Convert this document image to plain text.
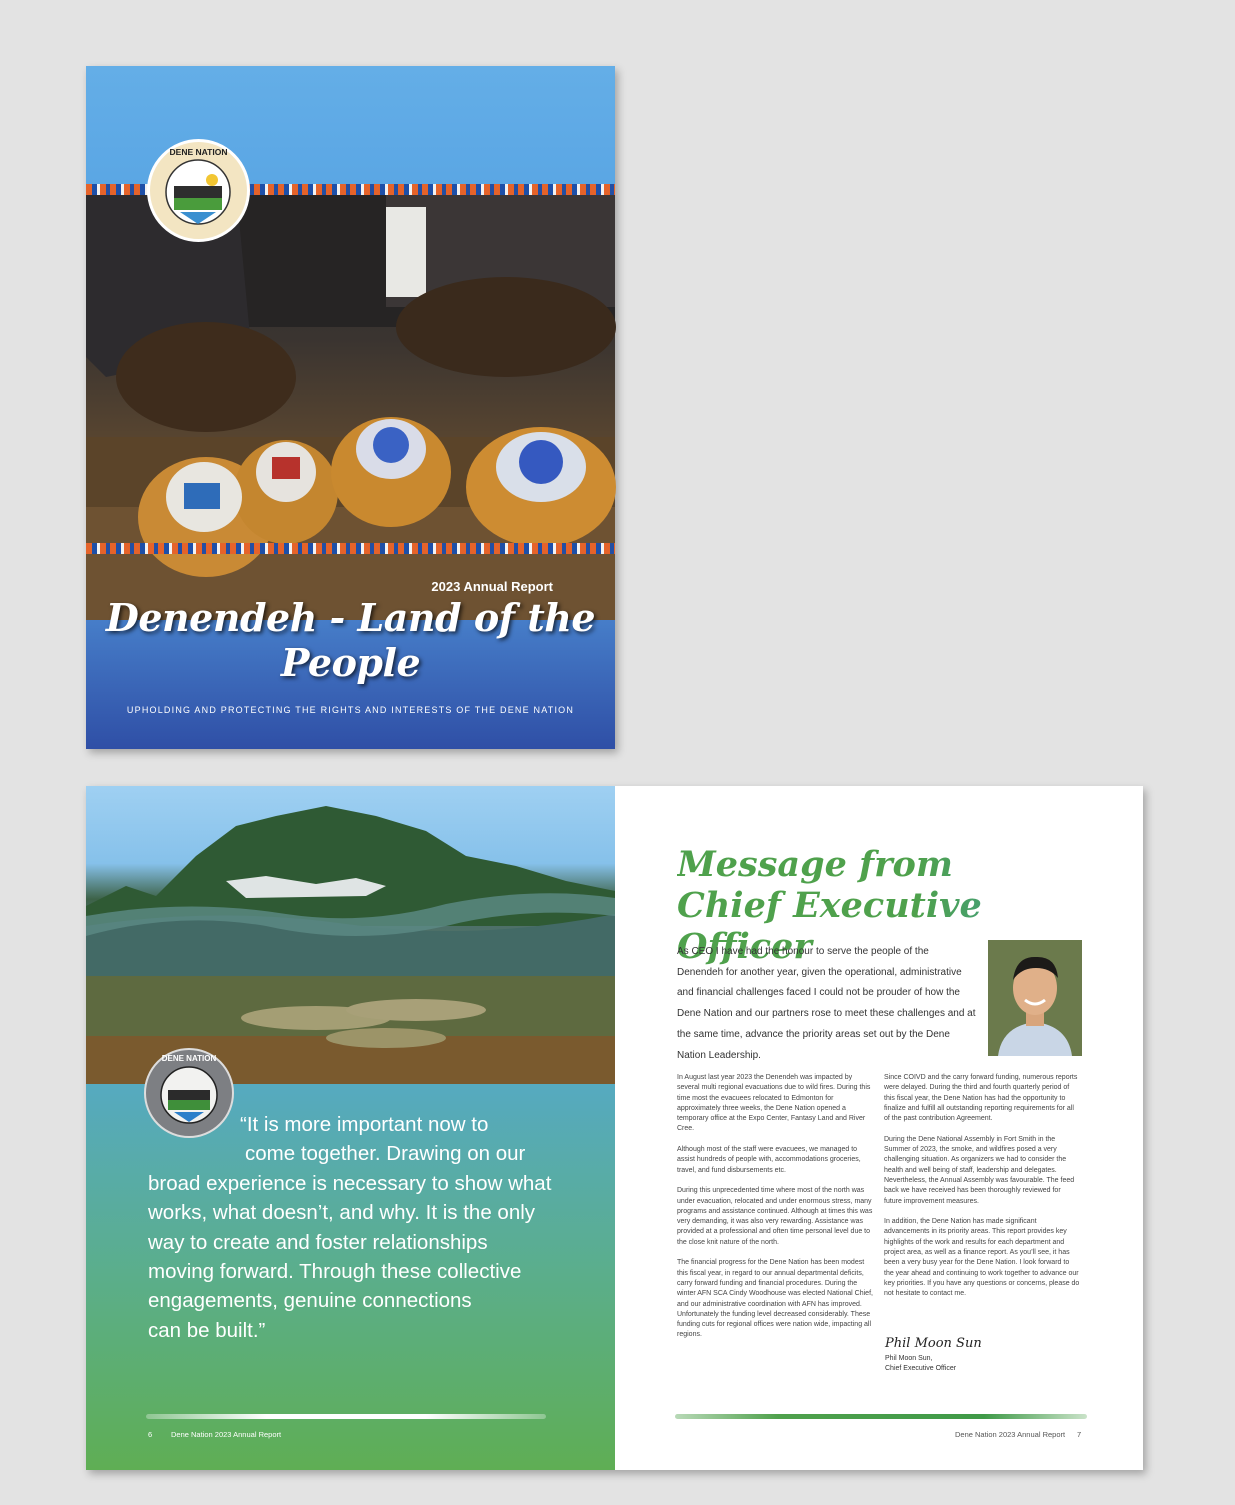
Denendeh - Land of the People
DENE NATION
2023 Annual Report
UPHOLDING AND PROTECTING THE RIGHTS AND INTERESTS OF THE DENE NATION
DENE NATION
“It is more important now to
come together. Drawing on our
broad experience is necessary to show what
works, what doesn’t, and why. It is the only
way to create and foster relationships
moving forward. Through these collective
engagements, genuine connections
can be built.”
6	Dene Nation 2023 Annual Report
Message from
Chief Executive Officer
As CEO I have had the honour to serve the people of the Denendeh for another year, given the operational, administrative and financial challenges faced I could not be prouder of how the Dene Nation and our partners rose to meet these challenges and at the same time, advance the priority areas set out by the Dene Nation Leadership.

In August last year 2023 the Denendeh was impacted by several multi regional evacuations due to wild fires. During this time most the evacuees relocated to Edmonton for approximately three weeks, the Dene Nation opened a temporary office at the Expo Center, Fantasy Land and River Cree.

Although most of the staff were evacuees, we managed to assist hundreds of people with, accommodations groceries, travel, and fund disbursements etc.

During this unprecedented time where most of the north was under evacuation, relocated and under enormous stress, many programs and assistance continued. Although at times this was very demanding, it was also very rewarding. Assistance was provided at a professional and often time personal level due to the close knit nature of the north.

The financial progress for the Dene Nation has been modest this fiscal year, in regard to our annual departmental deficits, carry forward funding and financial procedures. During the winter AFN SCA Cindy Woodhouse was elected National Chief, and our administrative coordination with AFN has improved. Unfortunately the funding level decreased considerably. These funding cuts for regional offices were nation wide, impacting all regions.

Since COIVD and the carry forward funding, numerous reports were delayed. During the third and fourth quarterly period of this fiscal year, the Dene Nation has had the opportunity to finalize and fulfill all outstanding reporting requirements for all of the past contribution Agreement.

During the Dene National Assembly in Fort Smith in the Summer of 2023, the smoke, and wildfires posed a very challenging situation. As organizers we had to consider the health and well being of staff, leadership and delegates. Nevertheless, the Annual Assembly was favourable. The feed back we have received has been thoroughly reviewed for future improvement measures.

In addition, the Dene Nation has made significant advancements in its priority areas. This report provides key highlights of the work and results for each department and project area, as well as a finance report. As you’ll see, it has been a very busy year for the Dene Nation. I look forward to the year ahead and continuing to work together to advance our key priorities. If you have any questions or concerns, please do not hesitate to contact me.

Phil Moon Sun
Phil Moon Sun,
Chief Executive Officer
Dene Nation 2023 Annual Report 7
